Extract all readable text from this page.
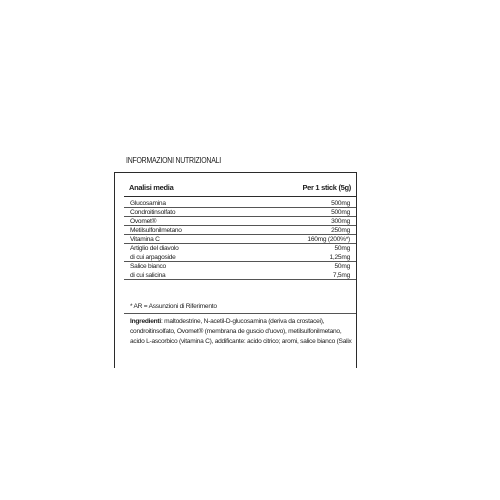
INFORMAZIONI NUTRIZIONALI
Analisi media	Per 1 stick (5g)
Glucosamina	500mg
Condroitinsolfato	500mg
Ovomet®	300mg
Metilsulfonilmetano	250mg
Vitamina C	160mg (200%*)
Artiglio del diavolo	50mg
di cui arpagoside	1,25mg
Salice bianco	50mg
di cui salicina	7,5mg
* AR = Assunzioni di Riferimento
Ingredienti: maltodestrine, N-acetil-D-glucosamina (deriva da crostacei),
condroitinsolfato, Ovomet® (membrana de guscio d'uovo), metilsulfonilmetano,
acido L-ascorbico (vitamina C), addificante: acido citrico; aromi, salice bianco (Salix
